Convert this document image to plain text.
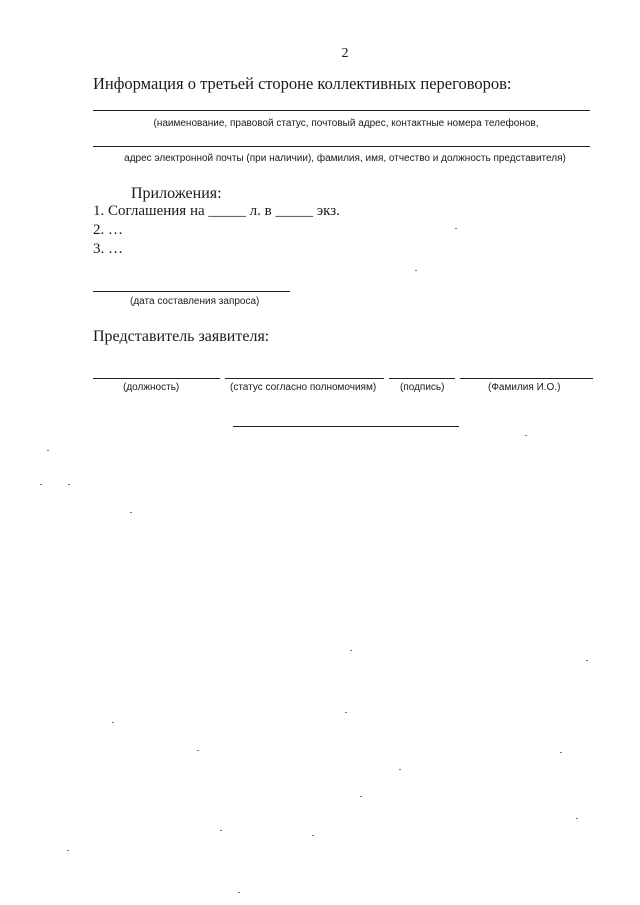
2
Информация о третьей стороне коллективных переговоров:
(наименование, правовой статус, почтовый адрес, контактные номера телефонов,
адрес электронной почты (при наличии), фамилия, имя, отчество и должность представителя)
Приложения:
1. Соглашения на _____ л. в _____ экз.
2. …
3. …
(дата составления запроса)
Представитель заявителя:
(должность)	(статус согласно полномочиям) (подпись)	(Фамилия И.О.)
